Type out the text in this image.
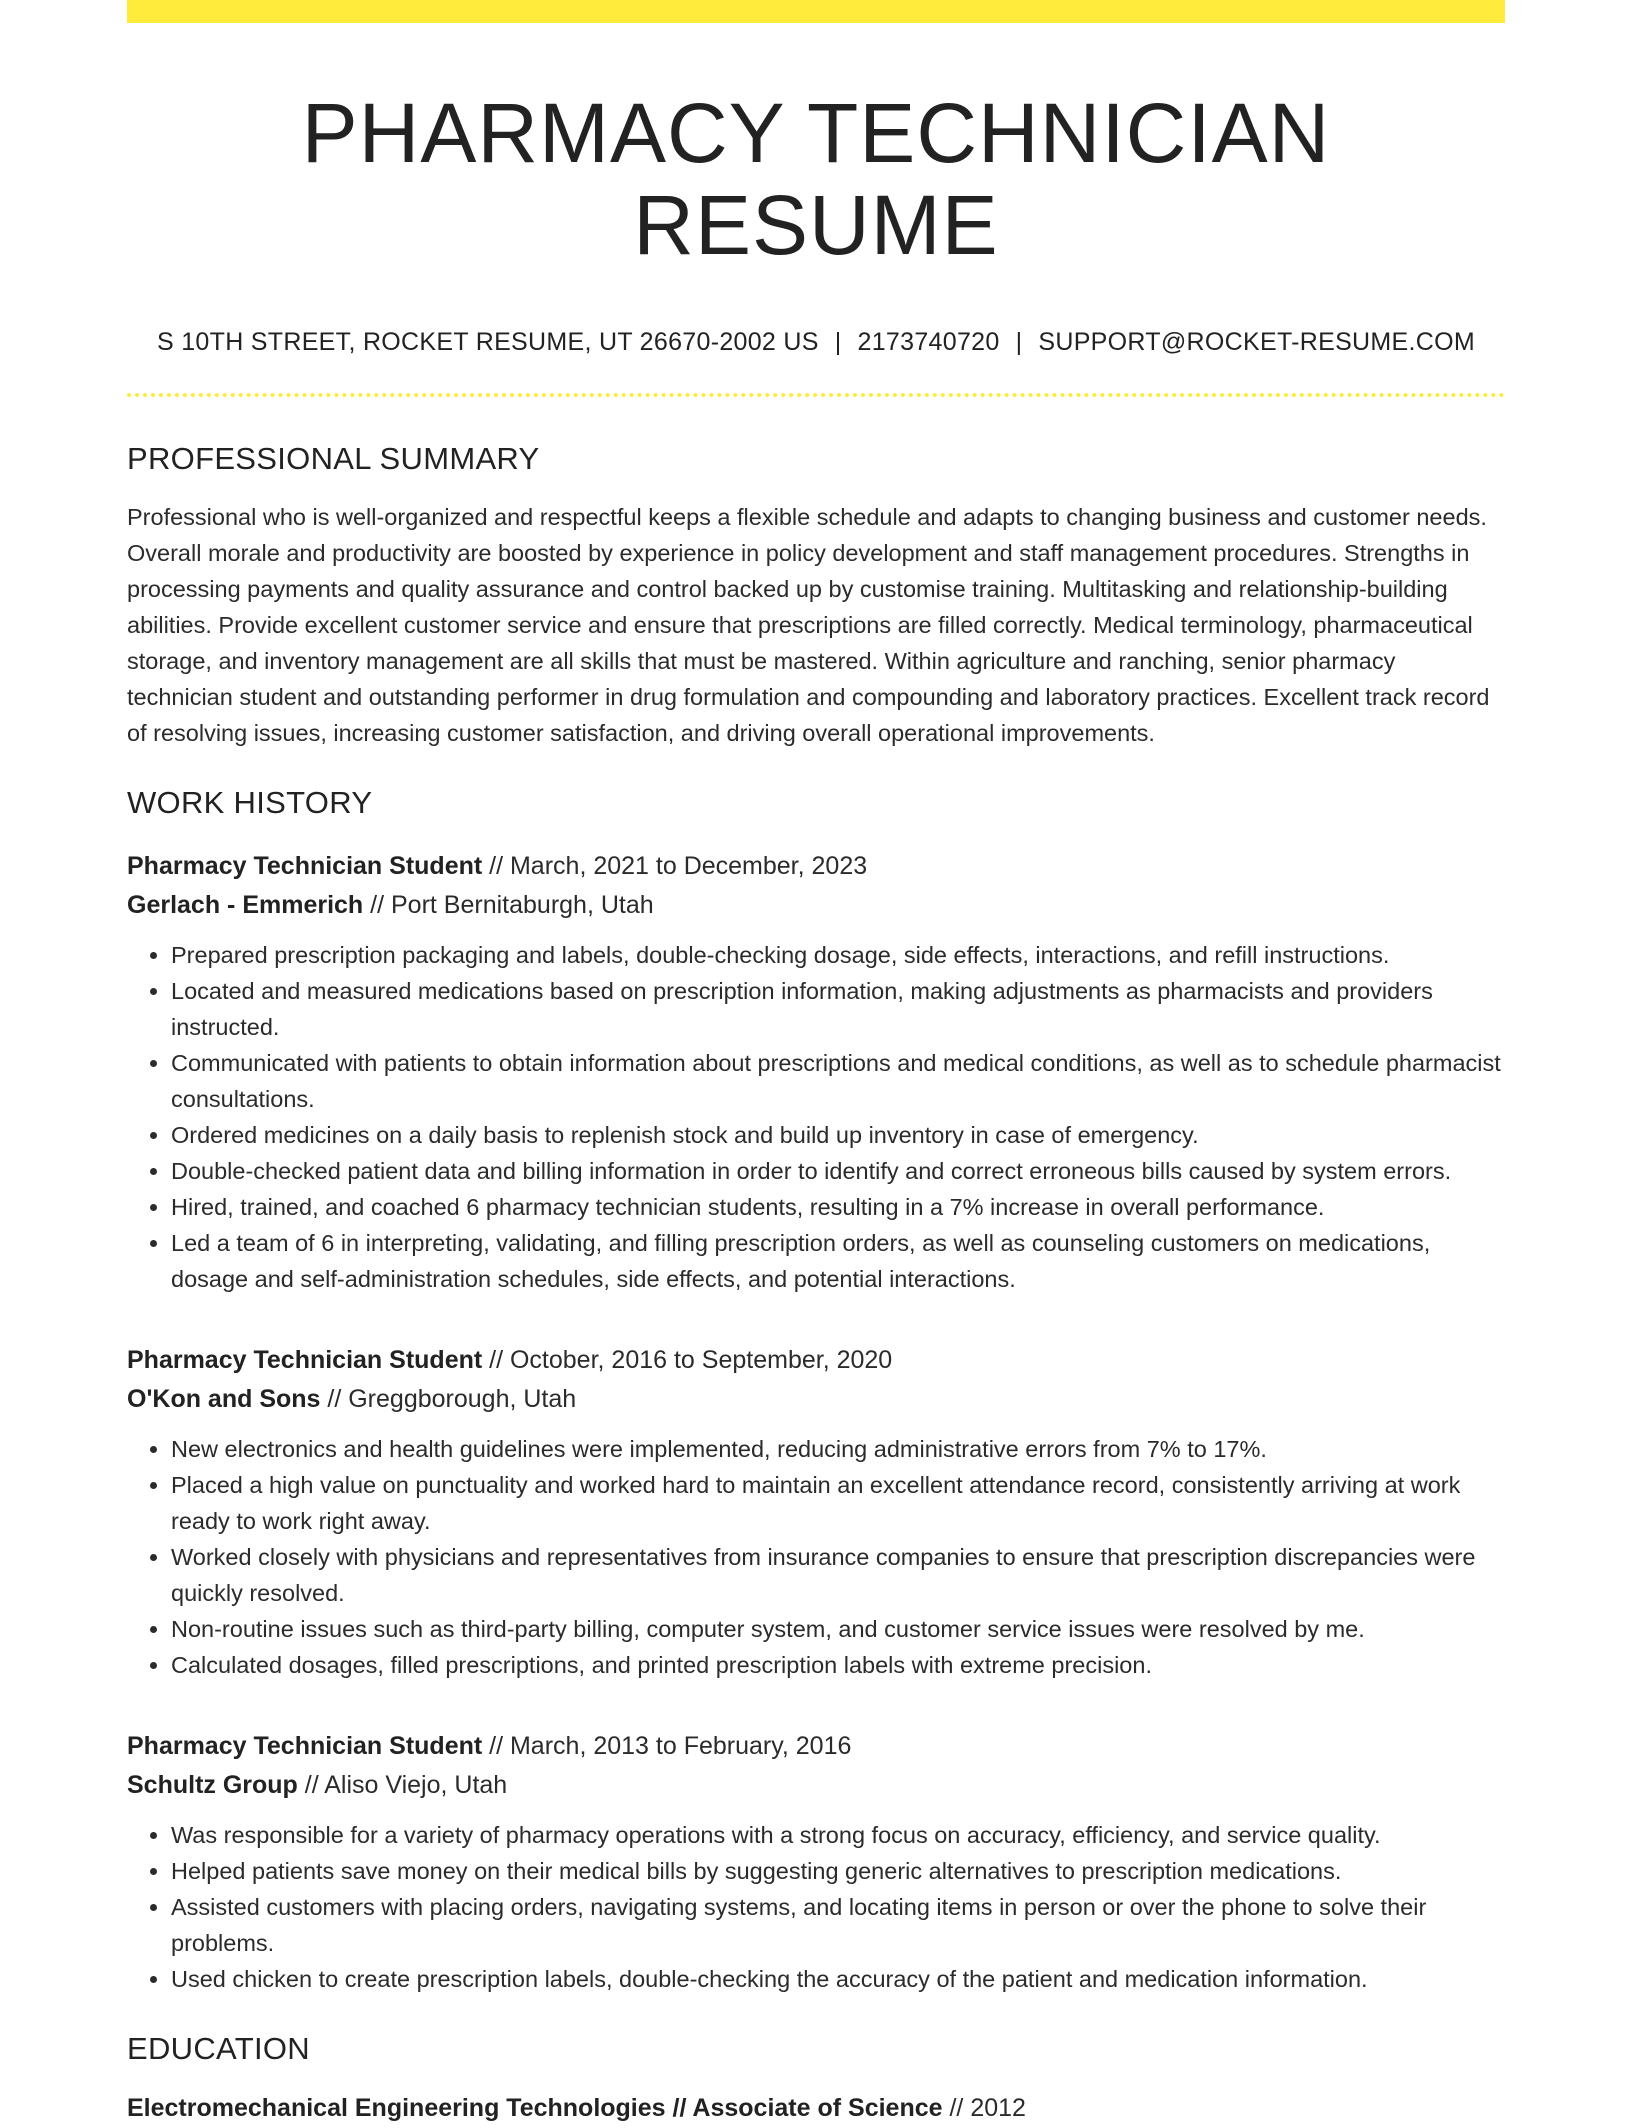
PHARMACY TECHNICIAN RESUME
S 10TH STREET, ROCKET RESUME, UT 26670-2002 US | 2173740720 | SUPPORT@ROCKET-RESUME.COM
PROFESSIONAL SUMMARY

Professional who is well-organized and respectful keeps a flexible schedule and adapts to changing business and customer needs. Overall morale and productivity are boosted by experience in policy development and staff management procedures. Strengths in processing payments and quality assurance and control backed up by customise training. Multitasking and relationship-building abilities. Provide excellent customer service and ensure that prescriptions are filled correctly. Medical terminology, pharmaceutical storage, and inventory management are all skills that must be mastered. Within agriculture and ranching, senior pharmacy technician student and outstanding performer in drug formulation and compounding and laboratory practices. Excellent track record of resolving issues, increasing customer satisfaction, and driving overall operational improvements.

WORK HISTORY
Pharmacy Technician Student // March, 2021 to December, 2023
Gerlach - Emmerich // Port Bernitaburgh, Utah
• Prepared prescription packaging and labels, double-checking dosage, side effects, interactions, and refill instructions.
• Located and measured medications based on prescription information, making adjustments as pharmacists and providers instructed.
• Communicated with patients to obtain information about prescriptions and medical conditions, as well as to schedule pharmacist consultations.
• Ordered medicines on a daily basis to replenish stock and build up inventory in case of emergency.
• Double-checked patient data and billing information in order to identify and correct erroneous bills caused by system errors.
• Hired, trained, and coached 6 pharmacy technician students, resulting in a 7% increase in overall performance.
• Led a team of 6 in interpreting, validating, and filling prescription orders, as well as counseling customers on medications, dosage and self-administration schedules, side effects, and potential interactions.
Pharmacy Technician Student // October, 2016 to September, 2020
O'Kon and Sons // Greggborough, Utah
• New electronics and health guidelines were implemented, reducing administrative errors from 7% to 17%.
• Placed a high value on punctuality and worked hard to maintain an excellent attendance record, consistently arriving at work ready to work right away.
• Worked closely with physicians and representatives from insurance companies to ensure that prescription discrepancies were quickly resolved.
• Non-routine issues such as third-party billing, computer system, and customer service issues were resolved by me.
• Calculated dosages, filled prescriptions, and printed prescription labels with extreme precision.
Pharmacy Technician Student // March, 2013 to February, 2016
Schultz Group // Aliso Viejo, Utah
• Was responsible for a variety of pharmacy operations with a strong focus on accuracy, efficiency, and service quality.
• Helped patients save money on their medical bills by suggesting generic alternatives to prescription medications.
• Assisted customers with placing orders, navigating systems, and locating items in person or over the phone to solve their problems.
• Used chicken to create prescription labels, double-checking the accuracy of the patient and medication information.
EDUCATION
Electromechanical Engineering Technologies // Associate of Science // 2012
